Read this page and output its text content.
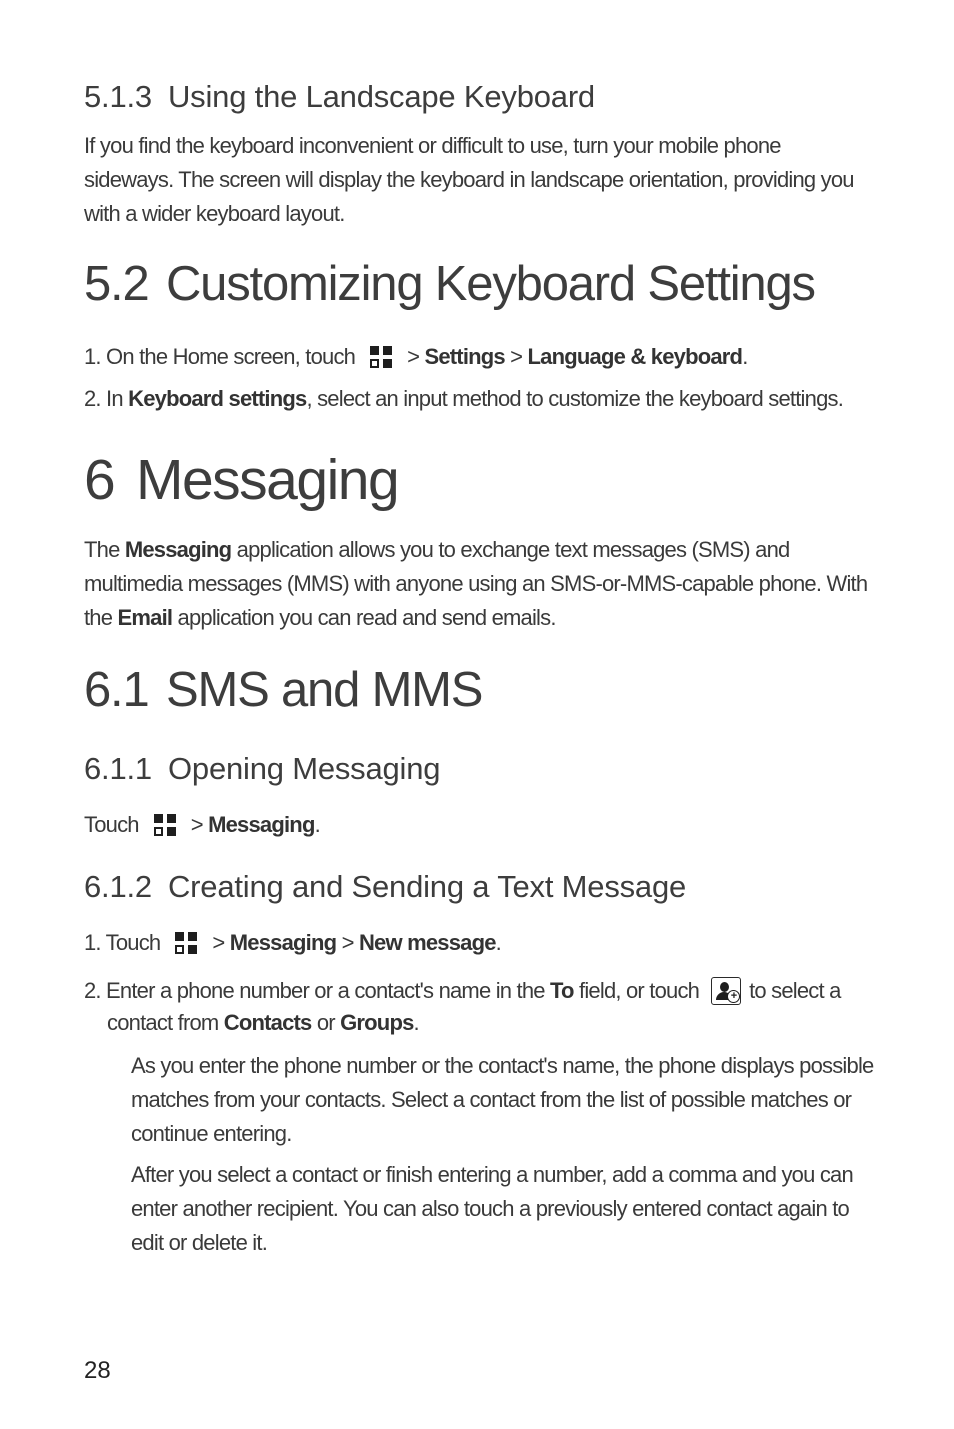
5.1.3 Using the Landscape Keyboard
If you find the keyboard inconvenient or difficult to use, turn your mobile phone sideways. The screen will display the keyboard in landscape orientation, providing you with a wider keyboard layout.
5.2 Customizing Keyboard Settings
1. On the Home screen, touch > Settings > Language & keyboard.
2. In Keyboard settings, select an input method to customize the keyboard settings.
6 Messaging
The Messaging application allows you to exchange text messages (SMS) and multimedia messages (MMS) with anyone using an SMS-or-MMS-capable phone. With the Email application you can read and send emails.
6.1 SMS and MMS
6.1.1 Opening Messaging
Touch > Messaging.
6.1.2 Creating and Sending a Text Message
1. Touch > Messaging > New message.
2. Enter a phone number or a contact's name in the To field, or touch	+ to select a
contact from Contacts or Groups.
As you enter the phone number or the contact's name, the phone displays possible matches from your contacts. Select a contact from the list of possible matches or continue entering.
After you select a contact or finish entering a number, add a comma and you can enter another recipient. You can also touch a previously entered contact again to edit or delete it.
28
